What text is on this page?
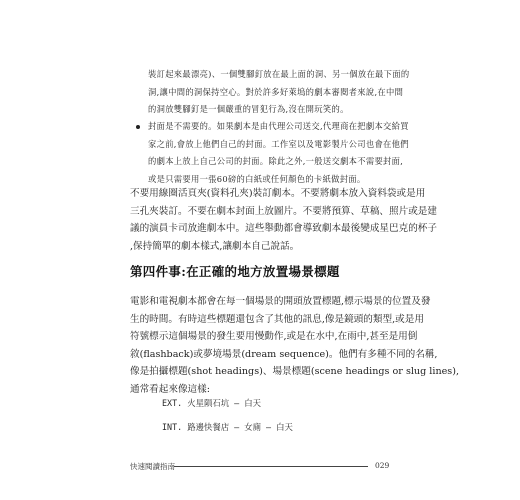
裝訂起來最漂亮)、一個雙腳釘放在最上面的洞、另一個放在最下面的

洞,讓中間的洞保持空心。對於許多好萊塢的劇本審閱者來說,在中間

的洞放雙腳釘是一個嚴重的冒犯行為,沒在開玩笑的。

封面是不需要的。如果劇本是由代理公司送交,代理商在把劇本交給買

家之前,會放上他們自己的封面。工作室以及電影製片公司也會在他們

的劇本上放上自己公司的封面。除此之外,一般送交劇本不需要封面,

或是只需要用一張60磅的白紙或任何顏色的卡紙做封面。

不要用線圈活頁夾(資料孔夾)裝訂劇本。不要將劇本放入資料袋或是用

三孔夾裝訂。不要在劇本封面上放圖片。不要將預算、草稿、照片或是建

議的演員卡司放進劇本中。這些舉動都會導致劇本最後變成星巴克的杯子

,保持簡單的劇本樣式,讓劇本自己說話。

第四件事:在正確的地方放置場景標題

電影和電視劇本都會在每一個場景的開頭放置標題,標示場景的位置及發

生的時間。有時這些標題還包含了其他的訊息,像是鏡頭的類型,或是用

符號標示這個場景的發生要用慢動作,或是在水中,在雨中,甚至是用倒

敘(flashback)或夢境場景(dream sequence)。他們有多種不同的名稱,

像是拍攝標題(shot headings)、場景標題(scene headings or slug lines),

通常看起來像這樣:

EXT. 火星隕石坑 — 白天
INT. 路邊快餐店 — 女廁 — 白天
快速閱讀指南	029
